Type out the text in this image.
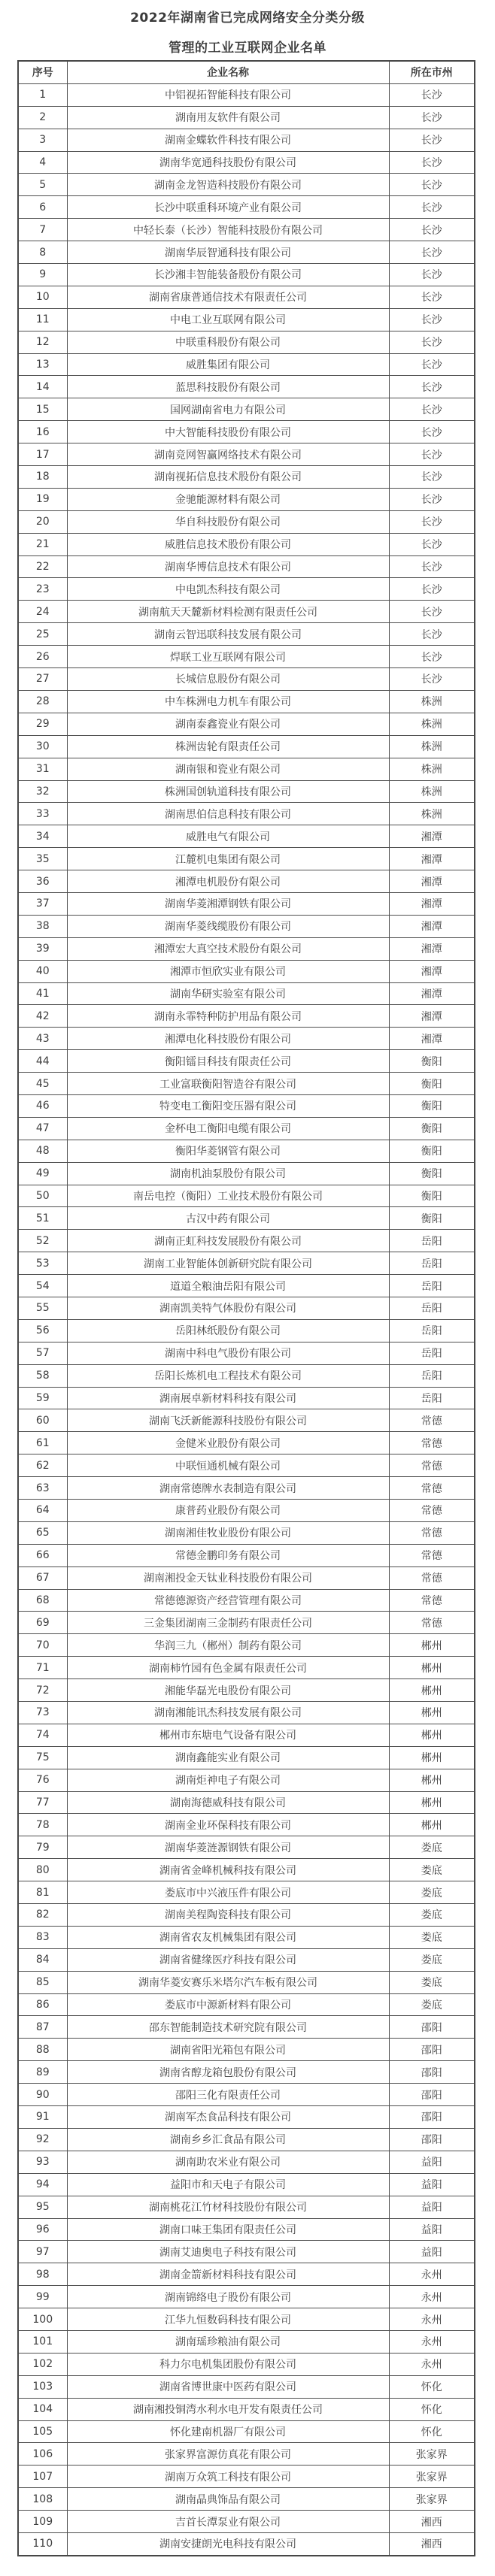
2022年湖南省已完成网络安全分类分级
管理的工业互联网企业名单
序号	企业名称	所在市州
1	中铝视拓智能科技有限公司	长沙
2	湖南用友软件有限公司	长沙
3	湖南金蝶软件科技有限公司	长沙
4	湖南华宽通科技股份有限公司	长沙
5	湖南金龙智造科技股份有限公司	长沙
6	长沙中联重科环境产业有限公司	长沙
7	中轻长泰（长沙）智能科技股份有限公司	长沙
8	湖南华辰智通科技有限公司	长沙
9	长沙湘丰智能装备股份有限公司	长沙
10	湖南省康普通信技术有限责任公司	长沙
11	中电工业互联网有限公司	长沙
12	中联重科股份有限公司	长沙
13	威胜集团有限公司	长沙
14	蓝思科技股份有限公司	长沙
15	国网湖南省电力有限公司	长沙
16	中大智能科技股份有限公司	长沙
17	湖南竞网智赢网络技术有限公司	长沙
18	湖南视拓信息技术股份有限公司	长沙
19	金驰能源材料有限公司	长沙
20	华自科技股份有限公司	长沙
21	威胜信息技术股份有限公司	长沙
22	湖南华博信息技术有限公司	长沙
23	中电凯杰科技有限公司	长沙
24	湖南航天天麓新材料检测有限责任公司	长沙
25	湖南云智迅联科技发展有限公司	长沙
26	焊联工业互联网有限公司	长沙
27	长城信息股份有限公司	长沙
28	中车株洲电力机车有限公司	株洲
29	湖南泰鑫瓷业有限公司	株洲
30	株洲齿轮有限责任公司	株洲
31	湖南银和瓷业有限公司	株洲
32	株洲国创轨道科技有限公司	株洲
33	湖南思伯信息科技有限公司	株洲
34	威胜电气有限公司	湘潭
35	江麓机电集团有限公司	湘潭
36	湘潭电机股份有限公司	湘潭
37	湖南华菱湘潭钢铁有限公司	湘潭
38	湖南华菱线缆股份有限公司	湘潭
39	湘潭宏大真空技术股份有限公司	湘潭
40	湘潭市恒欣实业有限公司	湘潭
41	湖南华研实验室有限公司	湘潭
42	湖南永霏特种防护用品有限公司	湘潭
43	湘潭电化科技股份有限公司	湘潭
44	衡阳镭目科技有限责任公司	衡阳
45	工业富联衡阳智造谷有限公司	衡阳
46	特变电工衡阳变压器有限公司	衡阳
47	金杯电工衡阳电缆有限公司	衡阳
48	衡阳华菱钢管有限公司	衡阳
49	湖南机油泵股份有限公司	衡阳
50	南岳电控（衡阳）工业技术股份有限公司	衡阳
51	古汉中药有限公司	衡阳
52	湖南正虹科技发展股份有限公司	岳阳
53	湖南工业智能体创新研究院有限公司	岳阳
54	道道全粮油岳阳有限公司	岳阳
55	湖南凯美特气体股份有限公司	岳阳
56	岳阳林纸股份有限公司	岳阳
57	湖南中科电气股份有限公司	岳阳
58	岳阳长炼机电工程技术有限公司	岳阳
59	湖南展卓新材料科技有限公司	岳阳
60	湖南飞沃新能源科技股份有限公司	常德
61	金健米业股份有限公司	常德
62	中联恒通机械有限公司	常德
63	湖南常德牌水表制造有限公司	常德
64	康普药业股份有限公司	常德
65	湖南湘佳牧业股份有限公司	常德
66	常德金鹏印务有限公司	常德
67	湖南湘投金天钛业科技股份有限公司	常德
68	常德德源资产经营管理有限公司	常德
69	三金集团湖南三金制药有限责任公司	常德
70	华润三九（郴州）制药有限公司	郴州
71	湖南柿竹园有色金属有限责任公司	郴州
72	湘能华磊光电股份有限公司	郴州
73	湖南湘能讯杰科技发展有限公司	郴州
74	郴州市东塘电气设备有限公司	郴州
75	湖南鑫能实业有限公司	郴州
76	湖南炬神电子有限公司	郴州
77	湖南海德威科技有限公司	郴州
78	湖南金业环保科技有限公司	郴州
79	湖南华菱涟源钢铁有限公司	娄底
80	湖南省金峰机械科技有限公司	娄底
81	娄底市中兴液压件有限公司	娄底
82	湖南美程陶瓷科技有限公司	娄底
83	湖南省农友机械集团有限公司	娄底
84	湖南省健缘医疗科技有限公司	娄底
85	湖南华菱安赛乐米塔尔汽车板有限公司	娄底
86	娄底市中源新材料有限公司	娄底
87	邵东智能制造技术研究院有限公司	邵阳
88	湖南省阳光箱包有限公司	邵阳
89	湖南省醇龙箱包股份有限公司	邵阳
90	邵阳三化有限责任公司	邵阳
91	湖南军杰食品科技有限公司	邵阳
92	湖南乡乡汇食品有限公司	邵阳
93	湖南助农米业有限公司	益阳
94	益阳市和天电子有限公司	益阳
95	湖南桃花江竹材科技股份有限公司	益阳
96	湖南口味王集团有限责任公司	益阳
97	湖南艾迪奥电子科技有限公司	益阳
98	湖南金箭新材料科技有限公司	永州
99	湖南锦络电子股份有限公司	永州
100	江华九恒数码科技有限公司	永州
101	湖南瑶珍粮油有限公司	永州
102	科力尔电机集团股份有限公司	永州
103	湖南省博世康中医药有限公司	怀化
104	湖南湘投铜湾水利水电开发有限责任公司	怀化
105	怀化建南机器厂有限公司	怀化
106	张家界富源仿真花有限公司	张家界
107	湖南万众筑工科技有限公司	张家界
108	湖南晶典饰品有限公司	张家界
109	吉首长潭泵业有限公司	湘西
110	湖南安捷朗光电科技有限公司	湘西
